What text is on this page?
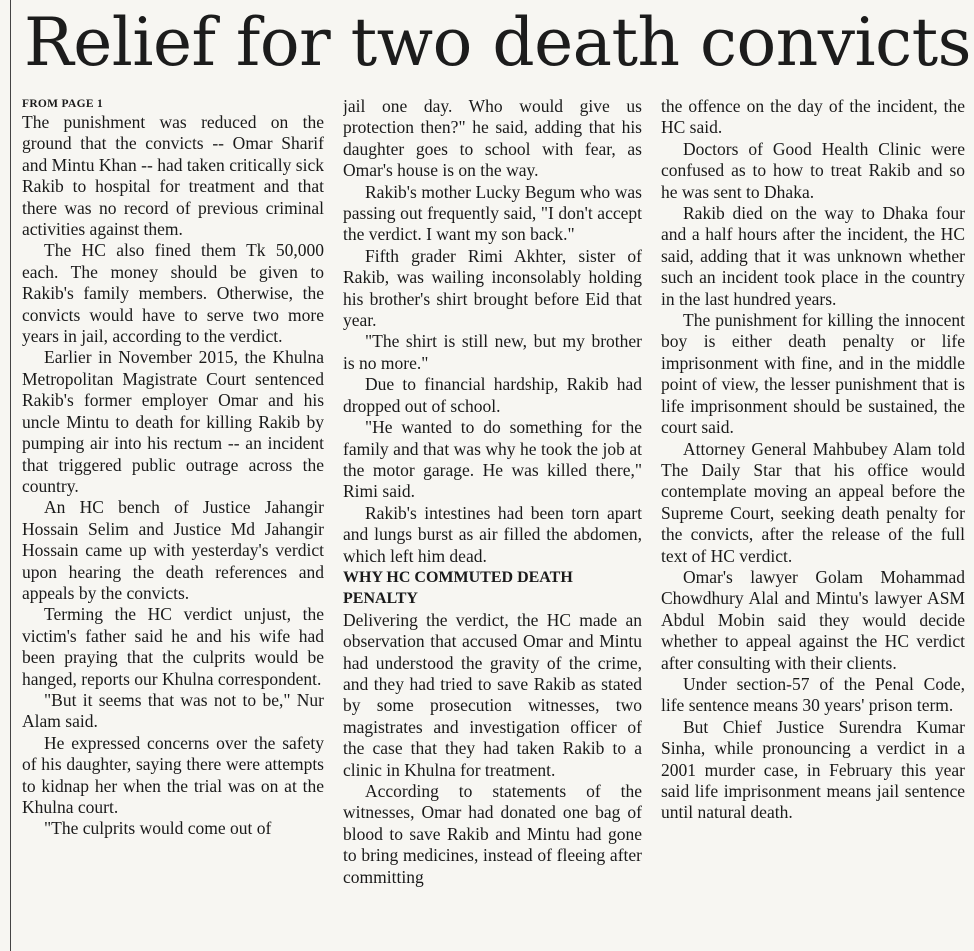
Relief for two death convicts
FROM PAGE 1

The punishment was reduced on the ground that the convicts -- Omar Sharif and Mintu Khan -- had taken critically sick Rakib to hospital for treatment and that there was no record of previous criminal activities against them.

The HC also fined them Tk 50,000 each. The money should be given to Rakib's family members. Otherwise, the convicts would have to serve two more years in jail, according to the verdict.

Earlier in November 2015, the Khulna Metropolitan Magistrate Court sentenced Rakib's former employer Omar and his uncle Mintu to death for killing Rakib by pumping air into his rectum -- an incident that triggered public outrage across the country.

An HC bench of Justice Jahangir Hossain Selim and Justice Md Jahangir Hossain came up with yesterday's verdict upon hearing the death references and appeals by the convicts.

Terming the HC verdict unjust, the victim's father said he and his wife had been praying that the culprits would be hanged, reports our Khulna correspondent.

"But it seems that was not to be," Nur Alam said.

He expressed concerns over the safety of his daughter, saying there were attempts to kidnap her when the trial was on at the Khulna court.

"The culprits would come out of

jail one day. Who would give us protection then?" he said, adding that his daughter goes to school with fear, as Omar's house is on the way.

Rakib's mother Lucky Begum who was passing out frequently said, "I don't accept the verdict. I want my son back."

Fifth grader Rimi Akhter, sister of Rakib, was wailing inconsolably holding his brother's shirt brought before Eid that year.

"The shirt is still new, but my brother is no more."

Due to financial hardship, Rakib had dropped out of school.

"He wanted to do something for the family and that was why he took the job at the motor garage. He was killed there," Rimi said.

Rakib's intestines had been torn apart and lungs burst as air filled the abdomen, which left him dead.

WHY HC COMMUTED DEATH PENALTY

Delivering the verdict, the HC made an observation that accused Omar and Mintu had understood the gravity of the crime, and they had tried to save Rakib as stated by some prosecution witnesses, two magistrates and investigation officer of the case that they had taken Rakib to a clinic in Khulna for treatment.

According to statements of the witnesses, Omar had donated one bag of blood to save Rakib and Mintu had gone to bring medicines, instead of fleeing after committing

the offence on the day of the incident, the HC said.

Doctors of Good Health Clinic were confused as to how to treat Rakib and so he was sent to Dhaka.

Rakib died on the way to Dhaka four and a half hours after the incident, the HC said, adding that it was unknown whether such an incident took place in the country in the last hundred years.

The punishment for killing the innocent boy is either death penalty or life imprisonment with fine, and in the middle point of view, the lesser punishment that is life imprisonment should be sustained, the court said.

Attorney General Mahbubey Alam told The Daily Star that his office would contemplate moving an appeal before the Supreme Court, seeking death penalty for the convicts, after the release of the full text of HC verdict.

Omar's lawyer Golam Mohammad Chowdhury Alal and Mintu's lawyer ASM Abdul Mobin said they would decide whether to appeal against the HC verdict after consulting with their clients.

Under section-57 of the Penal Code, life sentence means 30 years' prison term.

But Chief Justice Surendra Kumar Sinha, while pronouncing a verdict in a 2001 murder case, in February this year said life imprisonment means jail sentence until natural death.
